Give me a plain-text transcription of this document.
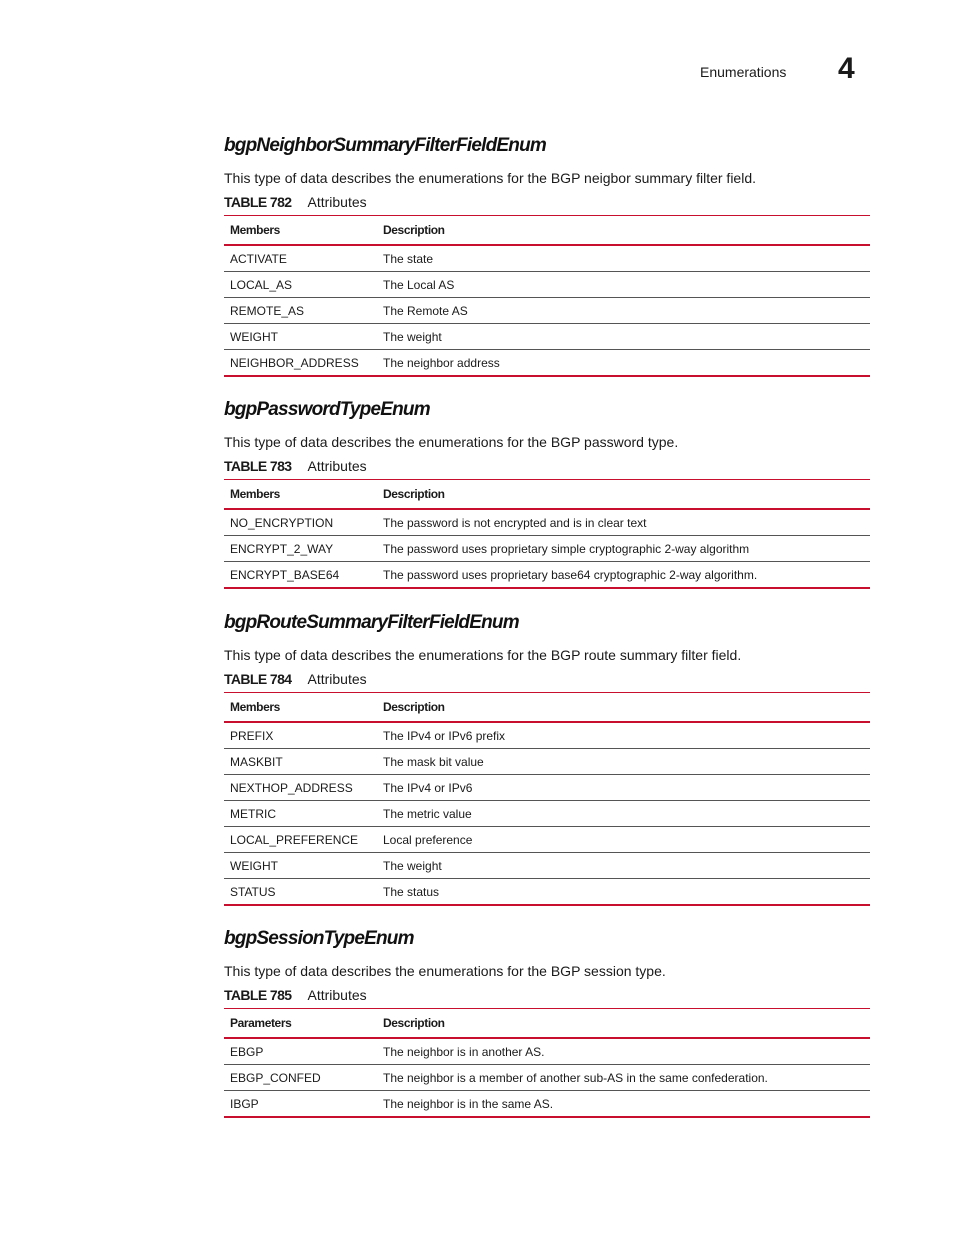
Enumerations 4
bgpNeighborSummaryFilterFieldEnum
This type of data describes the enumerations for the BGP neigbor summary filter field.
TABLE 782 Attributes
Members	Description
ACTIVATE	The state
LOCAL_AS	The Local AS
REMOTE_AS	The Remote AS
WEIGHT	The weight
NEIGHBOR_ADDRESS	The neighbor address
bgpPasswordTypeEnum
This type of data describes the enumerations for the BGP password type.
TABLE 783 Attributes
Members	Description
NO_ENCRYPTION	The password is not encrypted and is in clear text
ENCRYPT_2_WAY	The password uses proprietary simple cryptographic 2-way algorithm
ENCRYPT_BASE64	The password uses proprietary base64 cryptographic 2-way algorithm.
bgpRouteSummaryFilterFieldEnum
This type of data describes the enumerations for the BGP route summary filter field.
TABLE 784 Attributes
Members	Description
PREFIX	The IPv4 or IPv6 prefix
MASKBIT	The mask bit value
NEXTHOP_ADDRESS	The IPv4 or IPv6
METRIC	The metric value
LOCAL_PREFERENCE	Local preference
WEIGHT	The weight
STATUS	The status
bgpSessionTypeEnum
This type of data describes the enumerations for the BGP session type.
TABLE 785 Attributes
Parameters	Description
EBGP	The neighbor is in another AS.
EBGP_CONFED	The neighbor is a member of another sub-AS in the same confederation.
IBGP	The neighbor is in the same AS.
